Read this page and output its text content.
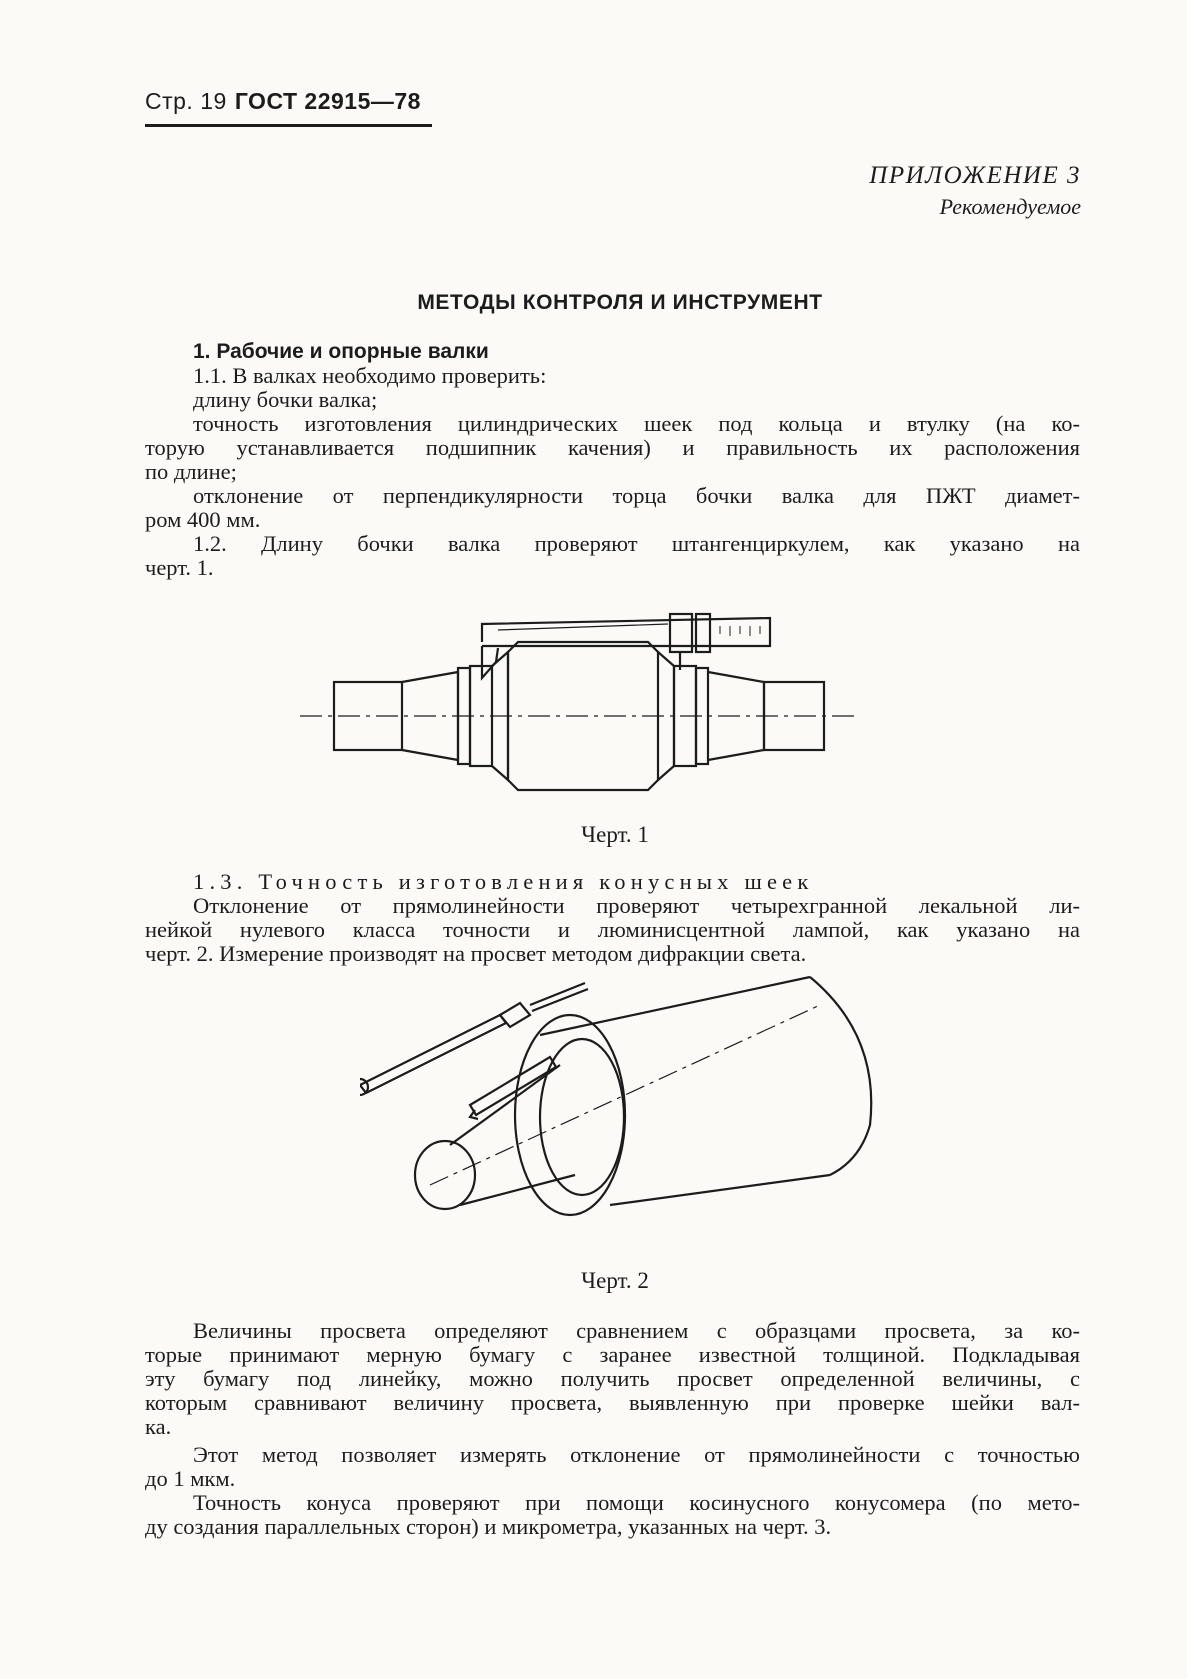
Стр. 19 ГОСТ 22915—78
ПРИЛОЖЕНИЕ 3
Рекомендуемое
МЕТОДЫ КОНТРОЛЯ И ИНСТРУМЕНТ
1. Рабочие и опорные валки
1.1. В валках необходимо проверить:
длину бочки валка;
точность изготовления цилиндрических шеек под кольца и втулку (на ко-
торую устанавливается подшипник качения) и правильность их расположения
по длине;
отклонение от перпендикулярности торца бочки валка для ПЖТ диамет-
ром 400 мм.
1.2. Длину бочки валка проверяют штангенциркулем, как указано на
черт. 1.
Черт. 1
1.3. Точность изготовления конусных шеек
Отклонение от прямолинейности проверяют четырехгранной лекальной ли-
нейкой нулевого класса точности и люминисцентной лампой, как указано на
черт. 2. Измерение производят на просвет методом дифракции света.
Черт. 2
Величины просвета определяют сравнением с образцами просвета, за ко-
торые принимают мерную бумагу с заранее известной толщиной. Подкладывая
эту бумагу под линейку, можно получить просвет определенной величины, с
которым сравнивают величину просвета, выявленную при проверке шейки вал-
ка.
Этот метод позволяет измерять отклонение от прямолинейности с точностью
до 1 мкм.
Точность конуса проверяют при помощи косинусного конусомера (по мето-
ду создания параллельных сторон) и микрометра, указанных на черт. 3.
